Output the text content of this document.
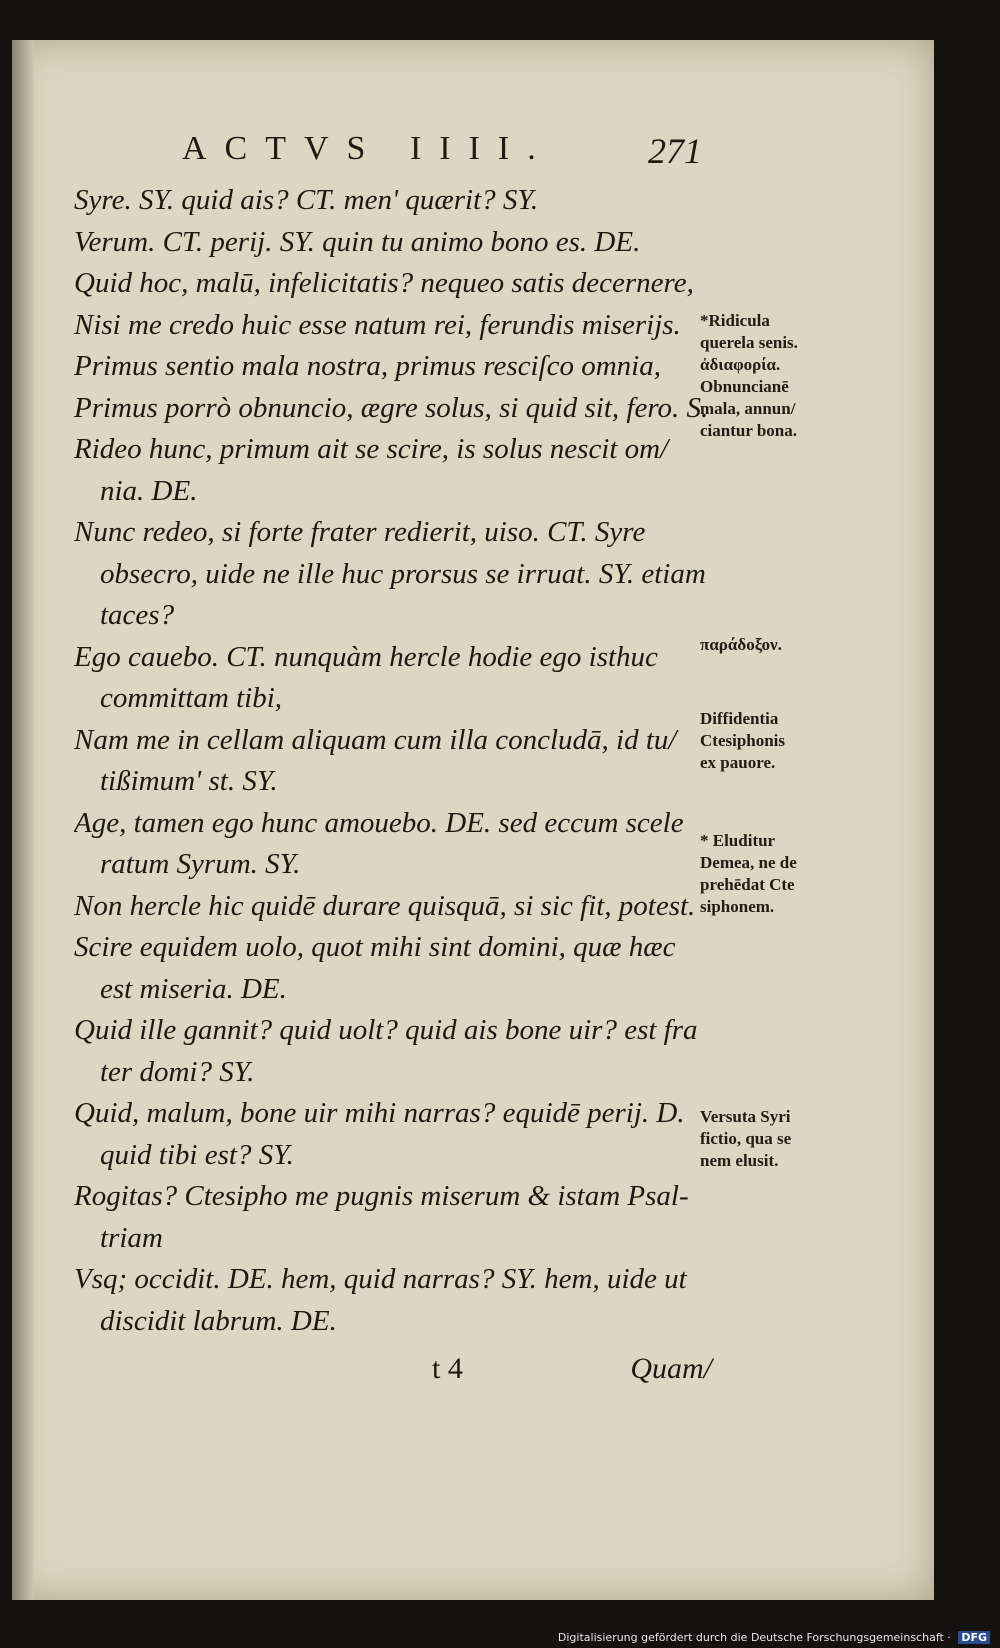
ACTVS IIII.	271
Syre. SY. quid ais? CT. men' quærit? SY.
Verum. CT. perij. SY. quin tu animo bono es. DE.
Quid hoc, malū, infelicitatis? nequeo satis decernere,
Nisi me credo huic esse natum rei, ferundis miserijs.
Primus sentio mala nostra, primus resciſco omnia,
Primus porrò obnuncio, ægre solus, si quid sit, fero. S.
Rideo hunc, primum ait se scire, is solus nescit om/
nia. DE.
Nunc redeo, si forte frater redierit, uiso. CT. Syre
obsecro, uide ne ille huc prorsus se irruat. SY. etiam
taces?
Ego cauebo. CT. nunquàm hercle hodie ego isthuc
committam tibi,
Nam me in cellam aliquam cum illa concludā, id tu/
tißimum' st. SY.
Age, tamen ego hunc amouebo. DE. sed eccum scele
ratum Syrum. SY.
Non hercle hic quidē durare quisquā, si sic fit, potest.
Scire equidem uolo, quot mihi sint domini, quæ hæc
est miseria. DE.
Quid ille gannit? quid uolt? quid ais bone uir? est fra
ter domi? SY.
Quid, malum, bone uir mihi narras? equidē perij. D.
quid tibi est? SY.
Rogitas? Ctesipho me pugnis miserum & istam Psal-
triam
Vsq; occidit. DE. hem, quid narras? SY. hem, uide ut
discidit labrum. DE.
*Ridicula
querela senis.
ἀδιαφορία.
Obnuncianē
mala, annun/
ciantur bona.
παράδοξον.
Diffidentia
Ctesiphonis
ex pauore.
* Eluditur
Demea, ne de
prehēdat Cte
siphonem.
Versuta Syri
fictio, qua se
nem elusit.
t 4	Quam/
Digitalisierung gefördert durch die Deutsche Forschungsgemeinschaft · DFG
